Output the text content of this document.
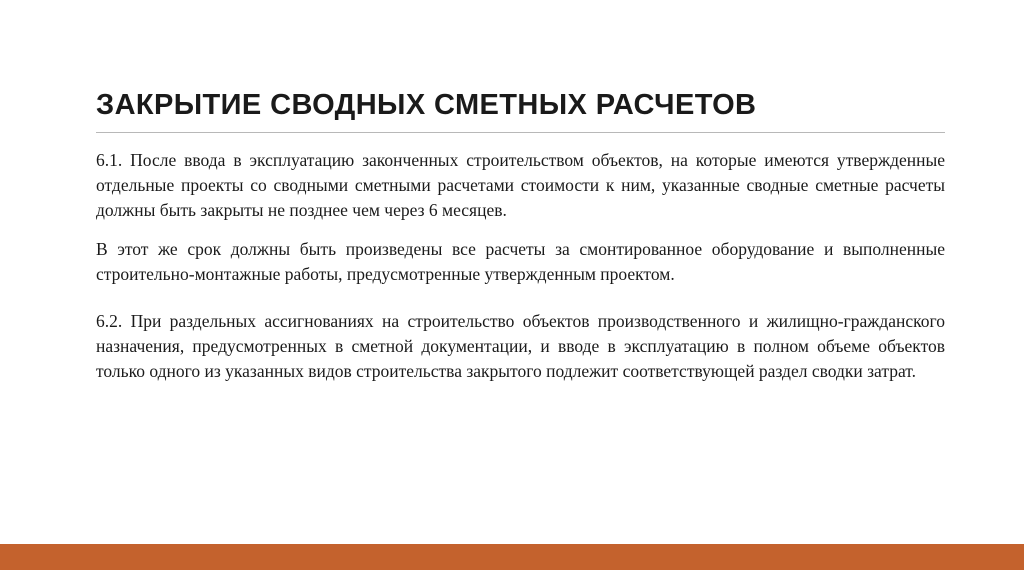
ЗАКРЫТИЕ СВОДНЫХ СМЕТНЫХ РАСЧЕТОВ

6.1. После ввода в эксплуатацию законченных строительством объектов, на которые имеются утвержденные отдельные проекты со сводными сметными расчетами стоимости к ним, указанные сводные сметные расчеты должны быть закрыты не позднее чем через 6 месяцев.

В этот же срок должны быть произведены все расчеты за смонтированное оборудование и выполненные строительно-монтажные работы, предусмотренные утвержденным проектом.

6.2. При раздельных ассигнованиях на строительство объектов производственного и жилищно-гражданского назначения, предусмотренных в сметной документации, и вводе в эксплуатацию в полном объеме объектов только одного из указанных видов строительства закрытого подлежит соответствующей раздел сводки затрат.
